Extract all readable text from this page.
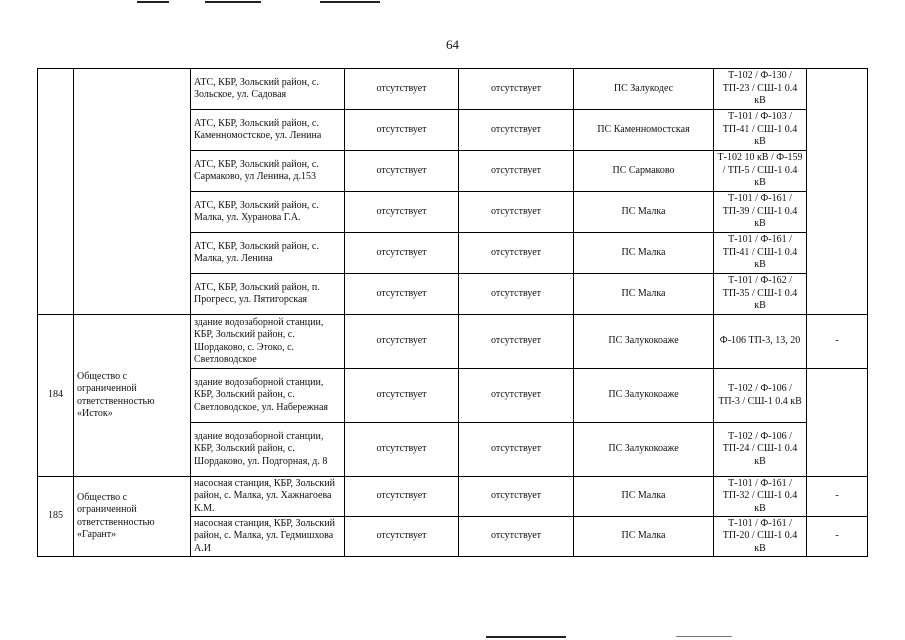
64
		АТС, КБР, Зольский район, с. Зольское, ул. Садовая	отсутствует	отсутствует	ПС Залукодес	Т-102 / Ф-130 / ТП-23 / СШ-1 0.4 кВ	
		АТС, КБР, Зольский район, с. Каменномостское, ул. Ленина	отсутствует	отсутствует	ПС Каменномостская	Т-101 / Ф-103 / ТП-41 / СШ-1 0.4 кВ	
		АТС, КБР, Зольский район, с. Сармаково, ул Ленина, д.153	отсутствует	отсутствует	ПС Сармаково	Т-102 10 кВ / Ф-159 / ТП-5 / СШ-1 0.4 кВ	
		АТС, КБР, Зольский район, с. Малка, ул. Хуранова Г.А.	отсутствует	отсутствует	ПС Малка	Т-101 / Ф-161 / ТП-39 / СШ-1 0.4 кВ	
		АТС, КБР, Зольский район, с. Малка, ул. Ленина	отсутствует	отсутствует	ПС Малка	Т-101 / Ф-161 / ТП-41 / СШ-1 0.4 кВ	
		АТС, КБР, Зольский район, п. Прогресс, ул. Пятигорская	отсутствует	отсутствует	ПС Малка	Т-101 / Ф-162 / ТП-35 / СШ-1 0.4 кВ	
184	Общество с ограниченной ответственностью «Исток»	здание водозаборной станции, КБР, Зольский район, с. Шордаково, с. Этоко, с. Светловодское	отсутствует	отсутствует	ПС Залукокоаже	Ф-106 ТП-3, 13, 20	-
		здание водозаборной станции, КБР, Зольский район, с. Светловодское, ул. Набережная	отсутствует	отсутствует	ПС Залукокоаже	Т-102 / Ф-106 / ТП-3 / СШ-1 0.4 кВ	
		здание водозаборной станции, КБР, Зольский район, с. Шордаково, ул. Подгорная, д. 8	отсутствует	отсутствует	ПС Залукокоаже	Т-102 / Ф-106 / ТП-24 / СШ-1 0.4 кВ	
185	Общество с ограниченной ответственностью «Гарант»	насосная станция, КБР, Зольский район, с. Малка, ул. Хажнагоева К.М.	отсутствует	отсутствует	ПС Малка	Т-101 / Ф-161 / ТП-32 / СШ-1 0.4 кВ	-
		насосная станция, КБР, Зольский район, с. Малка, ул. Гедмишхова А.И	отсутствует	отсутствует	ПС Малка	Т-101 / Ф-161 / ТП-20 / СШ-1 0.4 кВ	-
